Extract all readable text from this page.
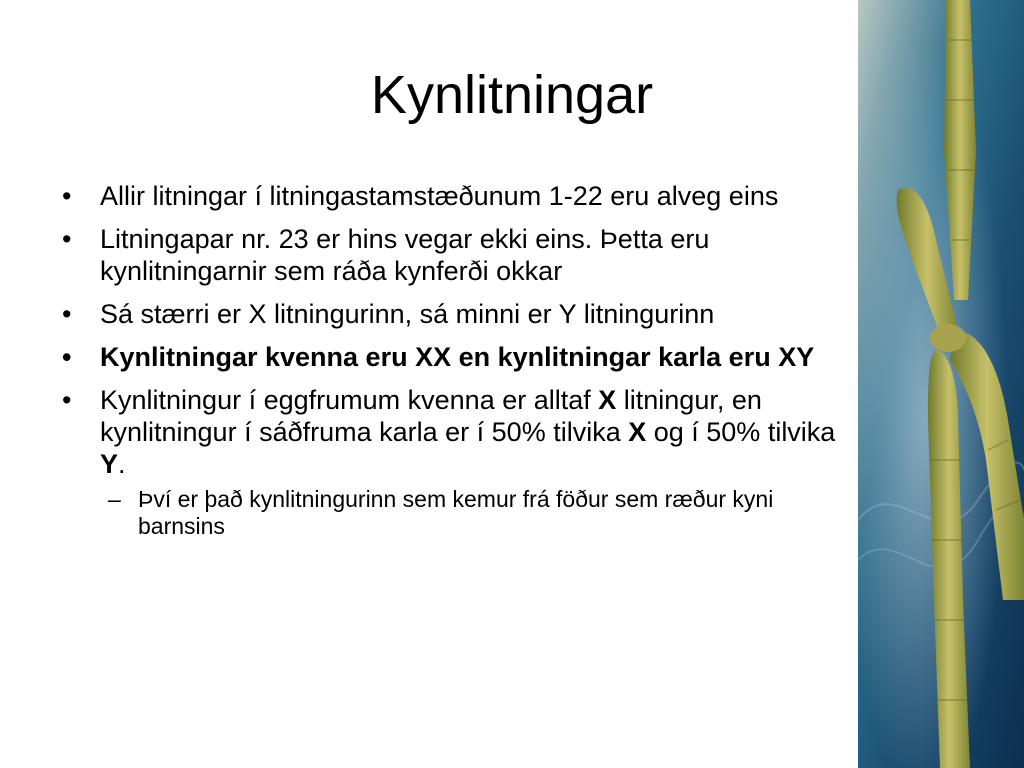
Kynlitningar
• Allir litningar í litningastamstæðunum 1-22 eru alveg eins
• Litningapar nr. 23 er hins vegar ekki eins. Þetta eru kynlitningarnir sem ráða kynferði okkar
• Sá stærri er X litningurinn, sá minni er Y litningurinn
• Kynlitningar kvenna eru XX en kynlitningar karla eru XY
• Kynlitningur í eggfrumum kvenna er alltaf X litningur, en kynlitningur í sáðfruma karla er í 50% tilvika X og í 50% tilvika Y.
– Því er það kynlitningurinn sem kemur frá föður sem ræður kyni barnsins
